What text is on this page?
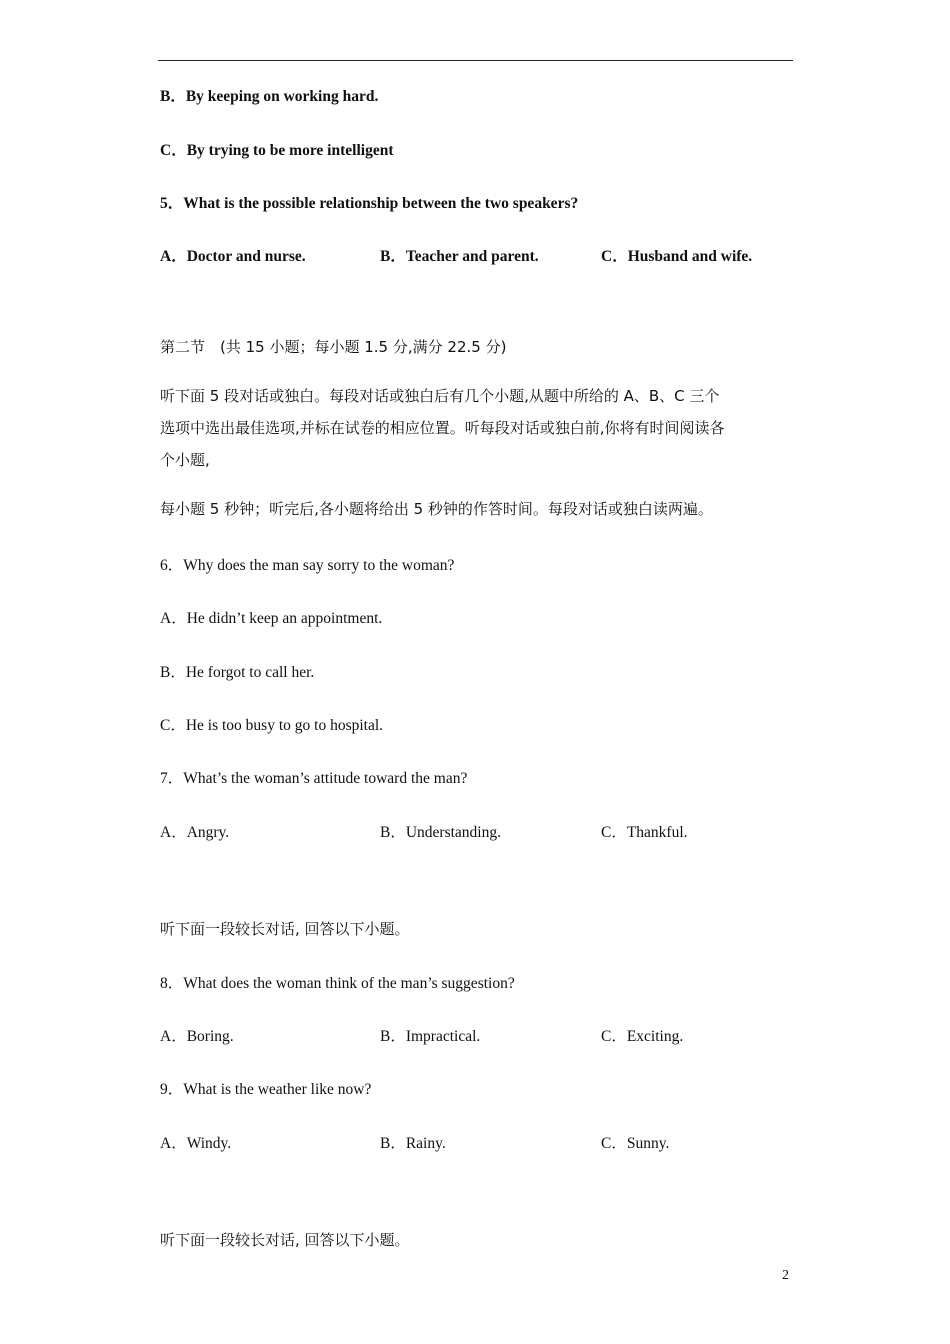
B．By keeping on working hard.
C．By trying to be more intelligent
5．What is the possible relationship between the two speakers?
A．Doctor and nurse.	B．Teacher and parent.	C．Husband and wife.
第二节　(共 15 小题；每小题 1.5 分,满分 22.5 分)
听下面 5 段对话或独白。每段对话或独白后有几个小题,从题中所给的 A、B、C 三个
选项中选出最佳选项,并标在试卷的相应位置。听每段对话或独白前,你将有时间阅读各
个小题,
每小题 5 秒钟；听完后,各小题将给出 5 秒钟的作答时间。每段对话或独白读两遍。
6．Why does the man say sorry to the woman?
A．He didn’t keep an appointment.
B．He forgot to call her.
C．He is too busy to go to hospital.
7．What’s the woman’s attitude toward the man?
A．Angry.	B．Understanding.	C．Thankful.
听下面一段较长对话, 回答以下小题。
8．What does the woman think of the man’s suggestion?
A．Boring.	B．Impractical.	C．Exciting.
9．What is the weather like now?
A．Windy.	B．Rainy.	C．Sunny.
听下面一段较长对话, 回答以下小题。
2
